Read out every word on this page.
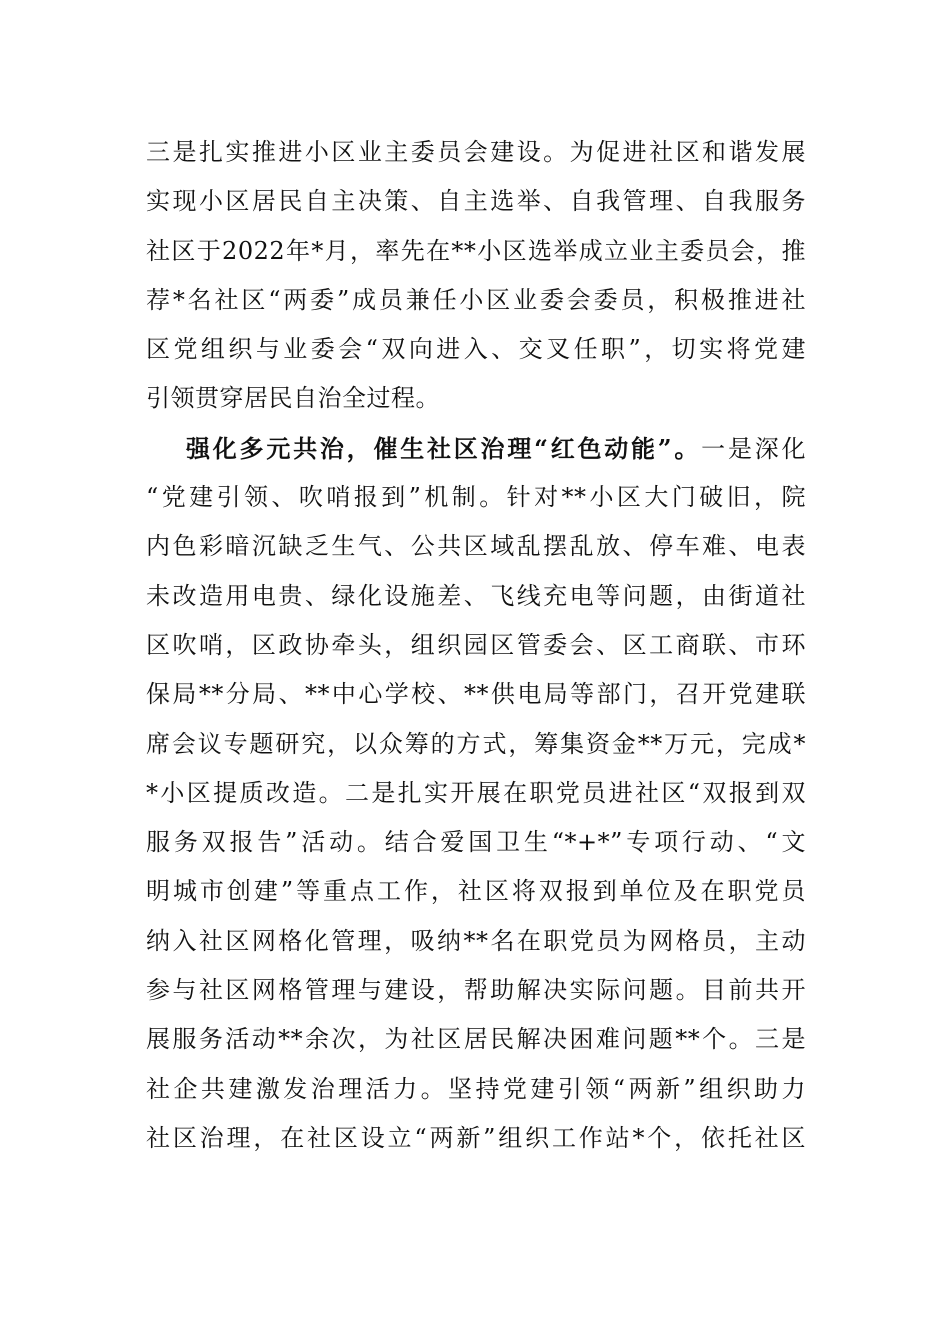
三是扎实推进小区业主委员会建设。为促进社区和谐发展
实现小区居民自主决策、自主选举、自我管理、自我服务
社区于2022年*月，率先在**小区选举成立业主委员会，推
荐*名社区“两委”成员兼任小区业委会委员，积极推进社
区党组织与业委会“双向进入、交叉任职”，切实将党建
引领贯穿居民自治全过程。
强化多元共治，催生社区治理“红色动能”。一是深化
“党建引领、吹哨报到”机制。针对**小区大门破旧，院
内色彩暗沉缺乏生气、公共区域乱摆乱放、停车难、电表
未改造用电贵、绿化设施差、飞线充电等问题，由街道社
区吹哨，区政协牵头，组织园区管委会、区工商联、市环
保局**分局、**中心学校、**供电局等部门，召开党建联
席会议专题研究，以众筹的方式，筹集资金**万元，完成*
*小区提质改造。二是扎实开展在职党员进社区“双报到双
服务双报告”活动。结合爱国卫生“*+*”专项行动、“文
明城市创建”等重点工作，社区将双报到单位及在职党员
纳入社区网格化管理，吸纳**名在职党员为网格员，主动
参与社区网格管理与建设，帮助解决实际问题。目前共开
展服务活动**余次，为社区居民解决困难问题**个。三是
社企共建激发治理活力。坚持党建引领“两新”组织助力
社区治理，在社区设立“两新”组织工作站*个，依托社区
